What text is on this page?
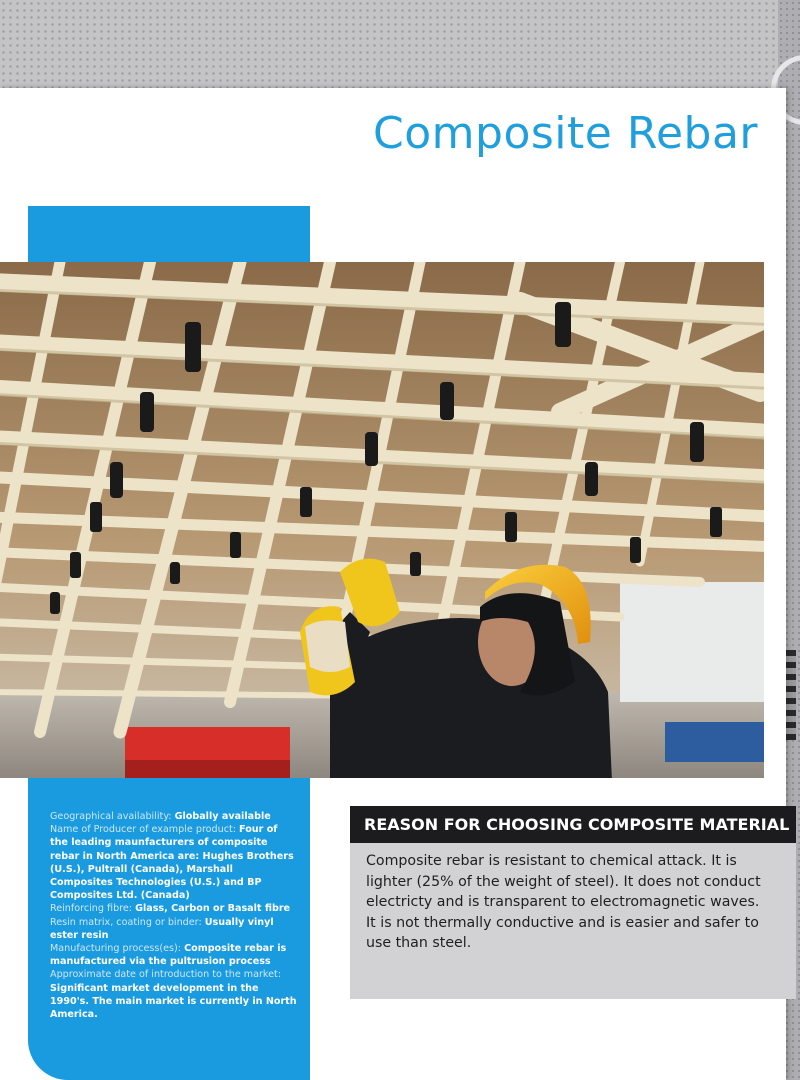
Composite Rebar
Geographical availability: Globally available
Name of Producer of example product: Four of the leading maunfacturers of composite rebar in North America are: Hughes Brothers (U.S.), Pultrall (Canada), Marshall Composites Technologies (U.S.) and BP Composites Ltd. (Canada)
Reinforcing fibre: Glass, Carbon or Basalt fibre
Resin matrix, coating or binder: Usually vinyl ester resin
Manufacturing process(es): Composite rebar is manufactured via the pultrusion process
Approximate date of introduction to the market: Significant market development in the 1990's. The main market is currently in North America.
REASON FOR CHOOSING COMPOSITE MATERIAL
Composite rebar is resistant to chemical attack. It is lighter (25% of the weight of steel). It does not conduct electricty and is transparent to electromagnetic waves. It is not thermally conductive and is easier and safer to use than steel.
